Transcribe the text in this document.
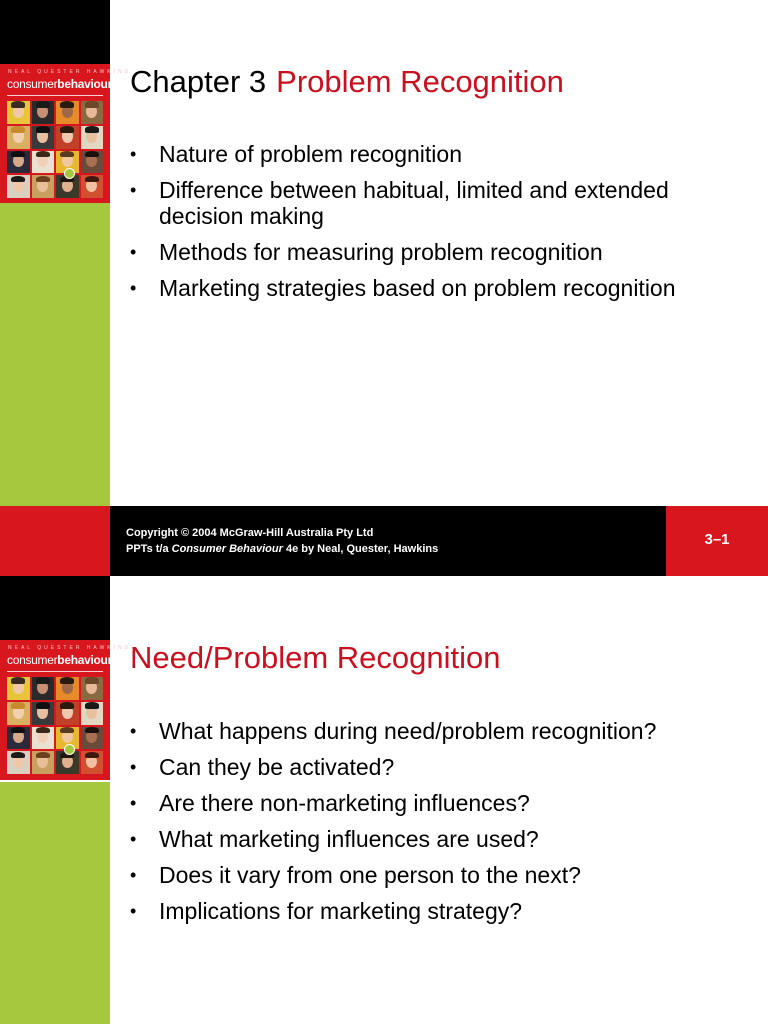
NEAL QUESTER HAWKINS
consumerbehaviour Chapter 3 Problem Recognition
• Nature of problem recognition
• Difference between habitual, limited and extended decision making
• Methods for measuring problem recognition
• Marketing strategies based on problem recognition
Copyright © 2004 McGraw-Hill Australia Pty Ltd
PPTs t/a Consumer Behaviour 4e by Neal, Quester, Hawkins
3–1
NEAL QUESTER HAWKINS
consumerbehaviour Need/Problem Recognition
• What happens during need/problem recognition?
• Can they be activated?
• Are there non-marketing influences?
• What marketing influences are used?
• Does it vary from one person to the next?
• Implications for marketing strategy?
